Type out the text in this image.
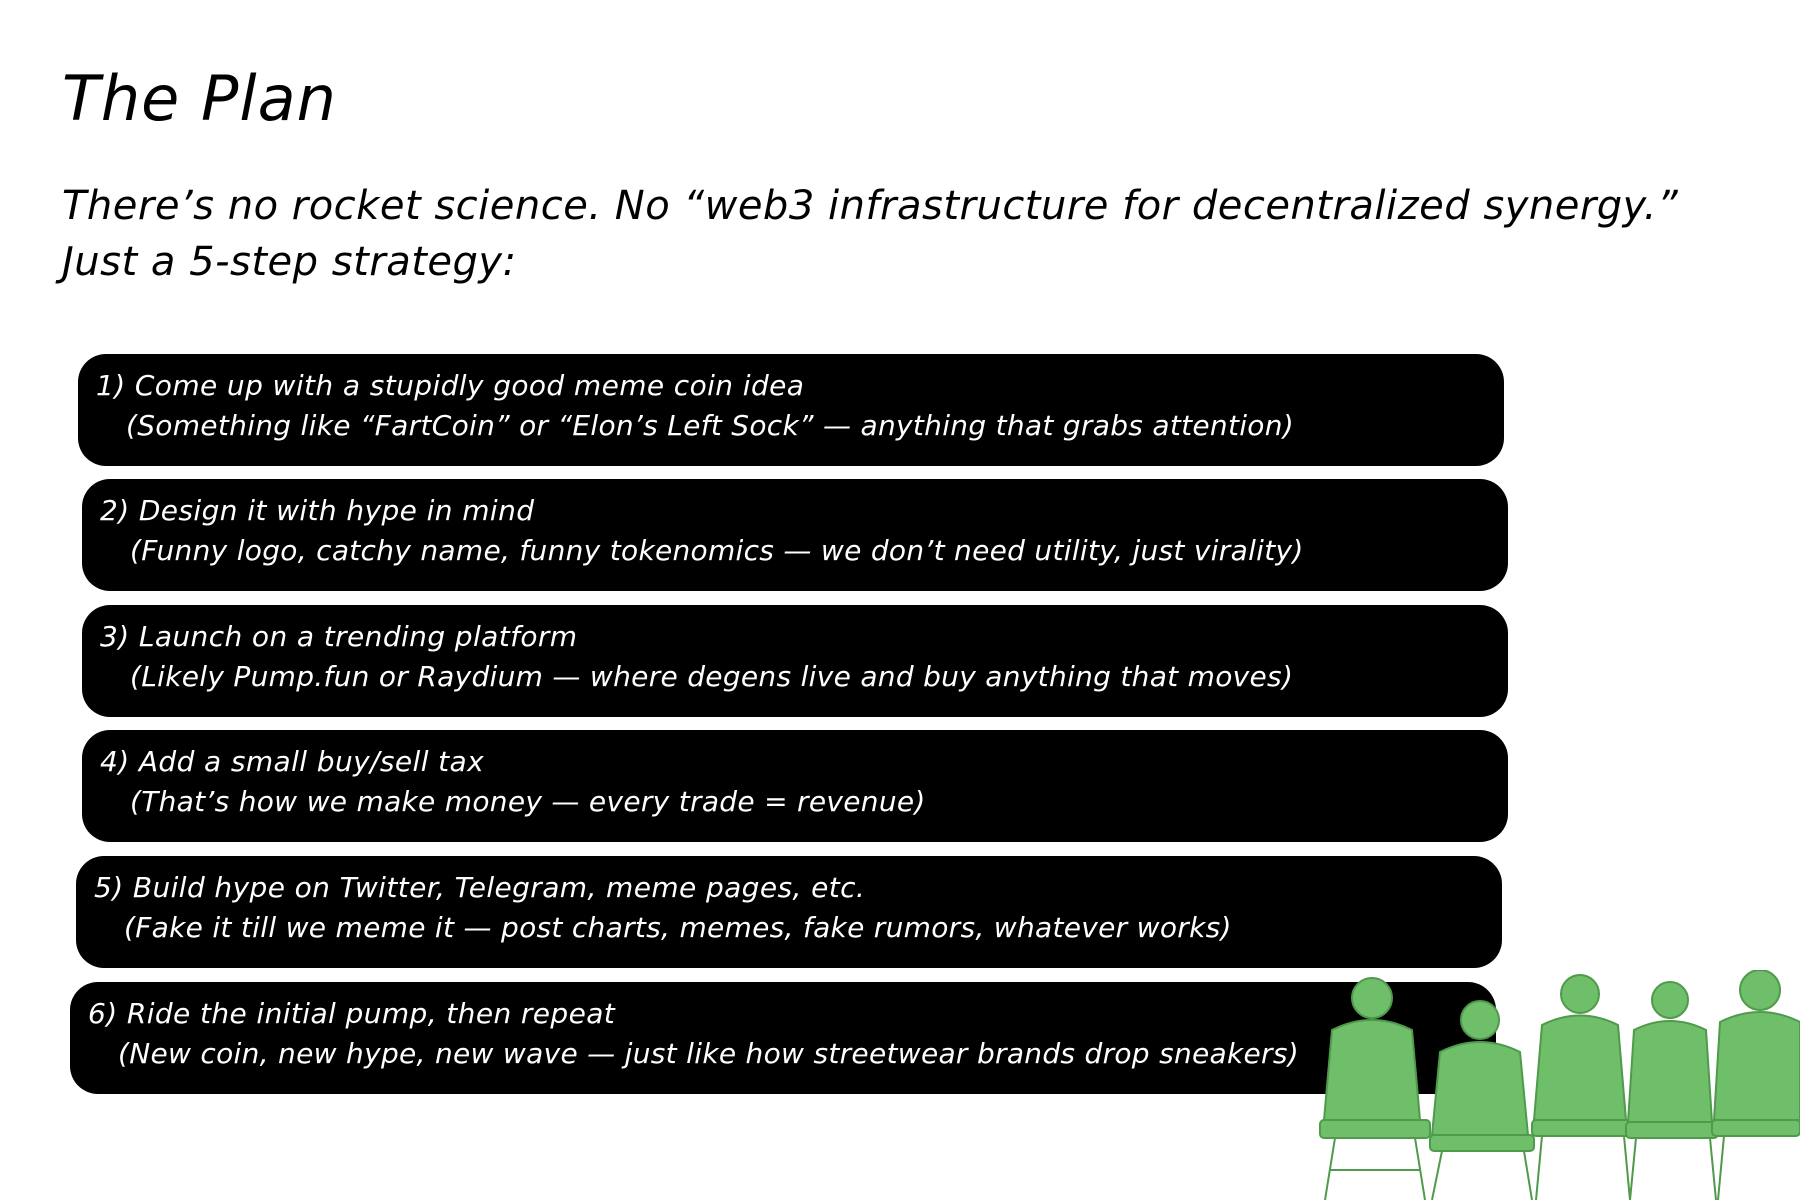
The Plan
There’s no rocket science. No “web3 infrastructure for decentralized synergy.”
Just a 5-step strategy:
1) Come up with a stupidly good meme coin idea
(Something like “FartCoin” or “Elon’s Left Sock” — anything that grabs attention)
2) Design it with hype in mind
(Funny logo, catchy name, funny tokenomics — we don’t need utility, just virality)
3) Launch on a trending platform
(Likely Pump.fun or Raydium — where degens live and buy anything that moves)
4) Add a small buy/sell tax
(That’s how we make money — every trade = revenue)
5) Build hype on Twitter, Telegram, meme pages, etc.
(Fake it till we meme it — post charts, memes, fake rumors, whatever works)
6) Ride the initial pump, then repeat
(New coin, new hype, new wave — just like how streetwear brands drop sneakers)
